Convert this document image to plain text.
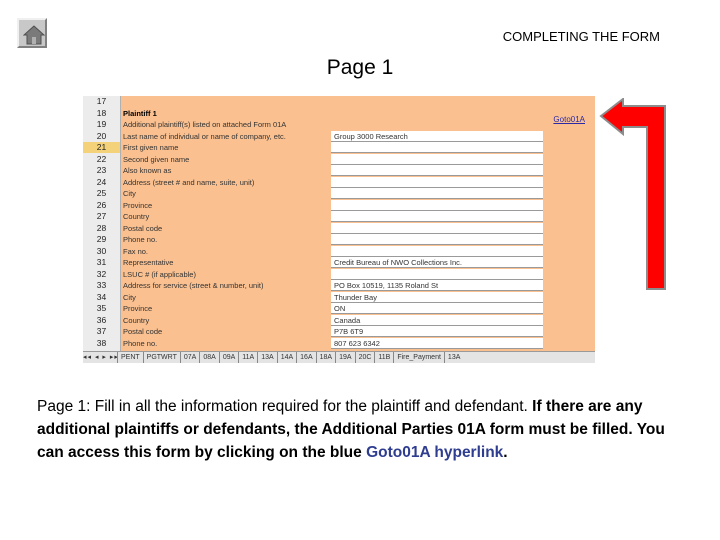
COMPLETING THE FORM
Page 1
17
18	Plaintiff 1
19	Additional plaintiff(s) listed on attached Form 01A
20	Last name of individual or name of company, etc.	Group 3000 Research
21	First given name
22	Second given name
23	Also known as
24	Address (street # and name, suite, unit)
25	City
26	Province
27	Country
28	Postal code
29	Phone no.
30	Fax no.
31	Representative	Credit Bureau of NWO Collections Inc.
32	LSUC # (if applicable)
33	Address for service (street & number, unit)	PO Box 10519, 1135 Roland St
34	City	Thunder Bay
35	Province	ON
36	Country	Canada
37	Postal code	P7B 6T9
38	Phone no.	807 623 6342
Goto01A
◂◂ ◂ ▸ ▸▸ PENT PGTWRT 07A 08A 09A 11A 13A 14A 16A 18A 19A 20C 11B Fire_Payment 13A
Page 1: Fill in all the information required for the plaintiff and defendant. If there are any additional plaintiffs or defendants, the Additional Parties 01A form must be filled. You can access this form by clicking on the blue Goto01A hyperlink.
